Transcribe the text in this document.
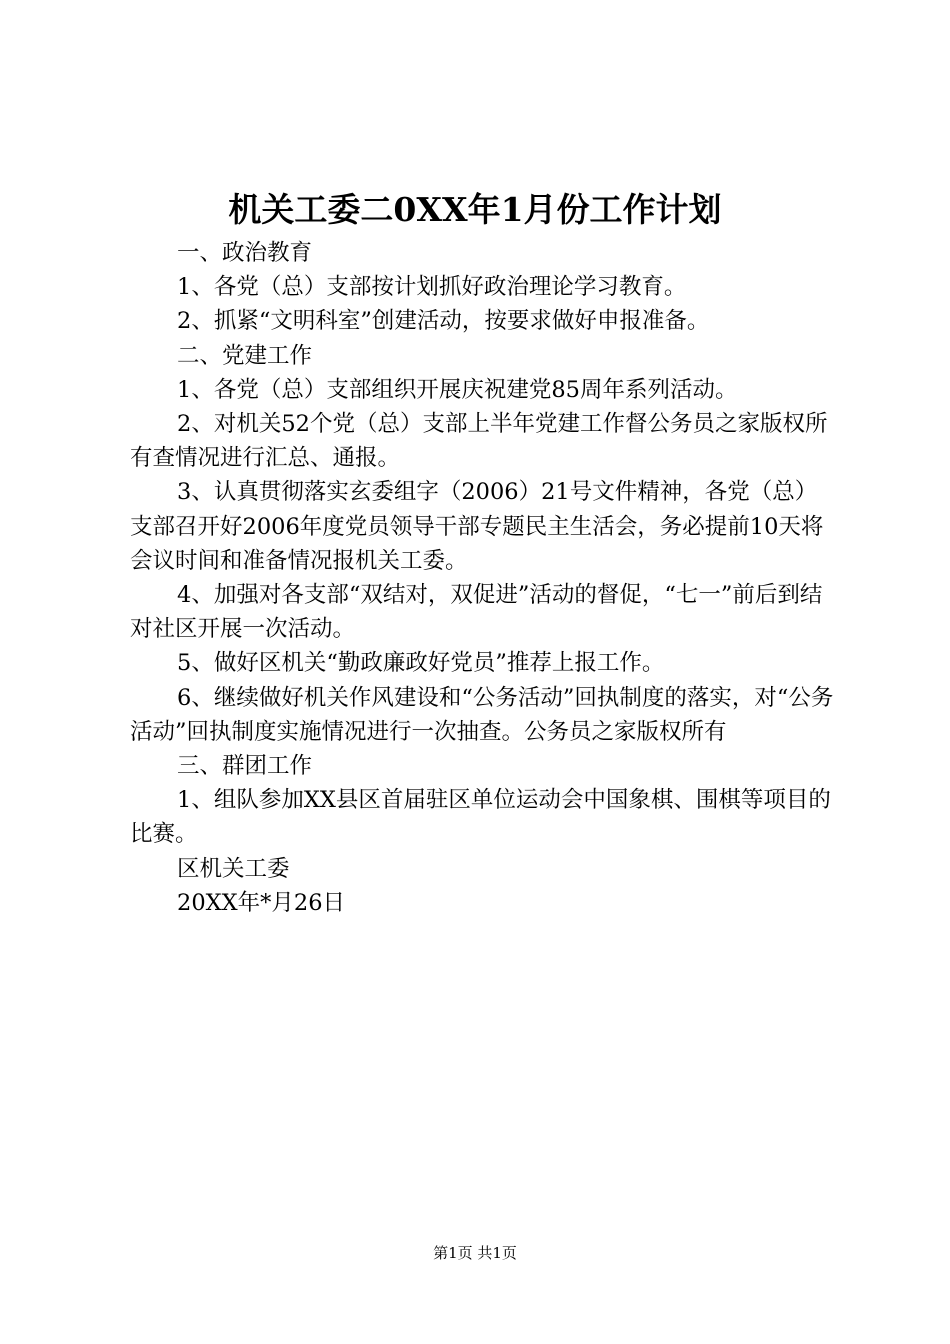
机关工委二0XX年1月份工作计划

一、政治教育

1、各党（总）支部按计划抓好政治理论学习教育。

2、抓紧“文明科室”创建活动，按要求做好申报准备。

二、党建工作

1、各党（总）支部组织开展庆祝建党85周年系列活动。

2、对机关52个党（总）支部上半年党建工作督公务员之家版权所有查情况进行汇总、通报。

3、认真贯彻落实玄委组字（2006）21号文件精神，各党（总）支部召开好2006年度党员领导干部专题民主生活会，务必提前10天将会议时间和准备情况报机关工委。

4、加强对各支部“双结对，双促进”活动的督促，“七一”前后到结对社区开展一次活动。

5、做好区机关“勤政廉政好党员”推荐上报工作。

6、继续做好机关作风建设和“公务活动”回执制度的落实，对“公务活动”回执制度实施情况进行一次抽查。公务员之家版权所有

三、群团工作

1、组队参加XX县区首届驻区单位运动会中国象棋、围棋等项目的比赛。

区机关工委

20XX年*月26日

第1页 共1页
